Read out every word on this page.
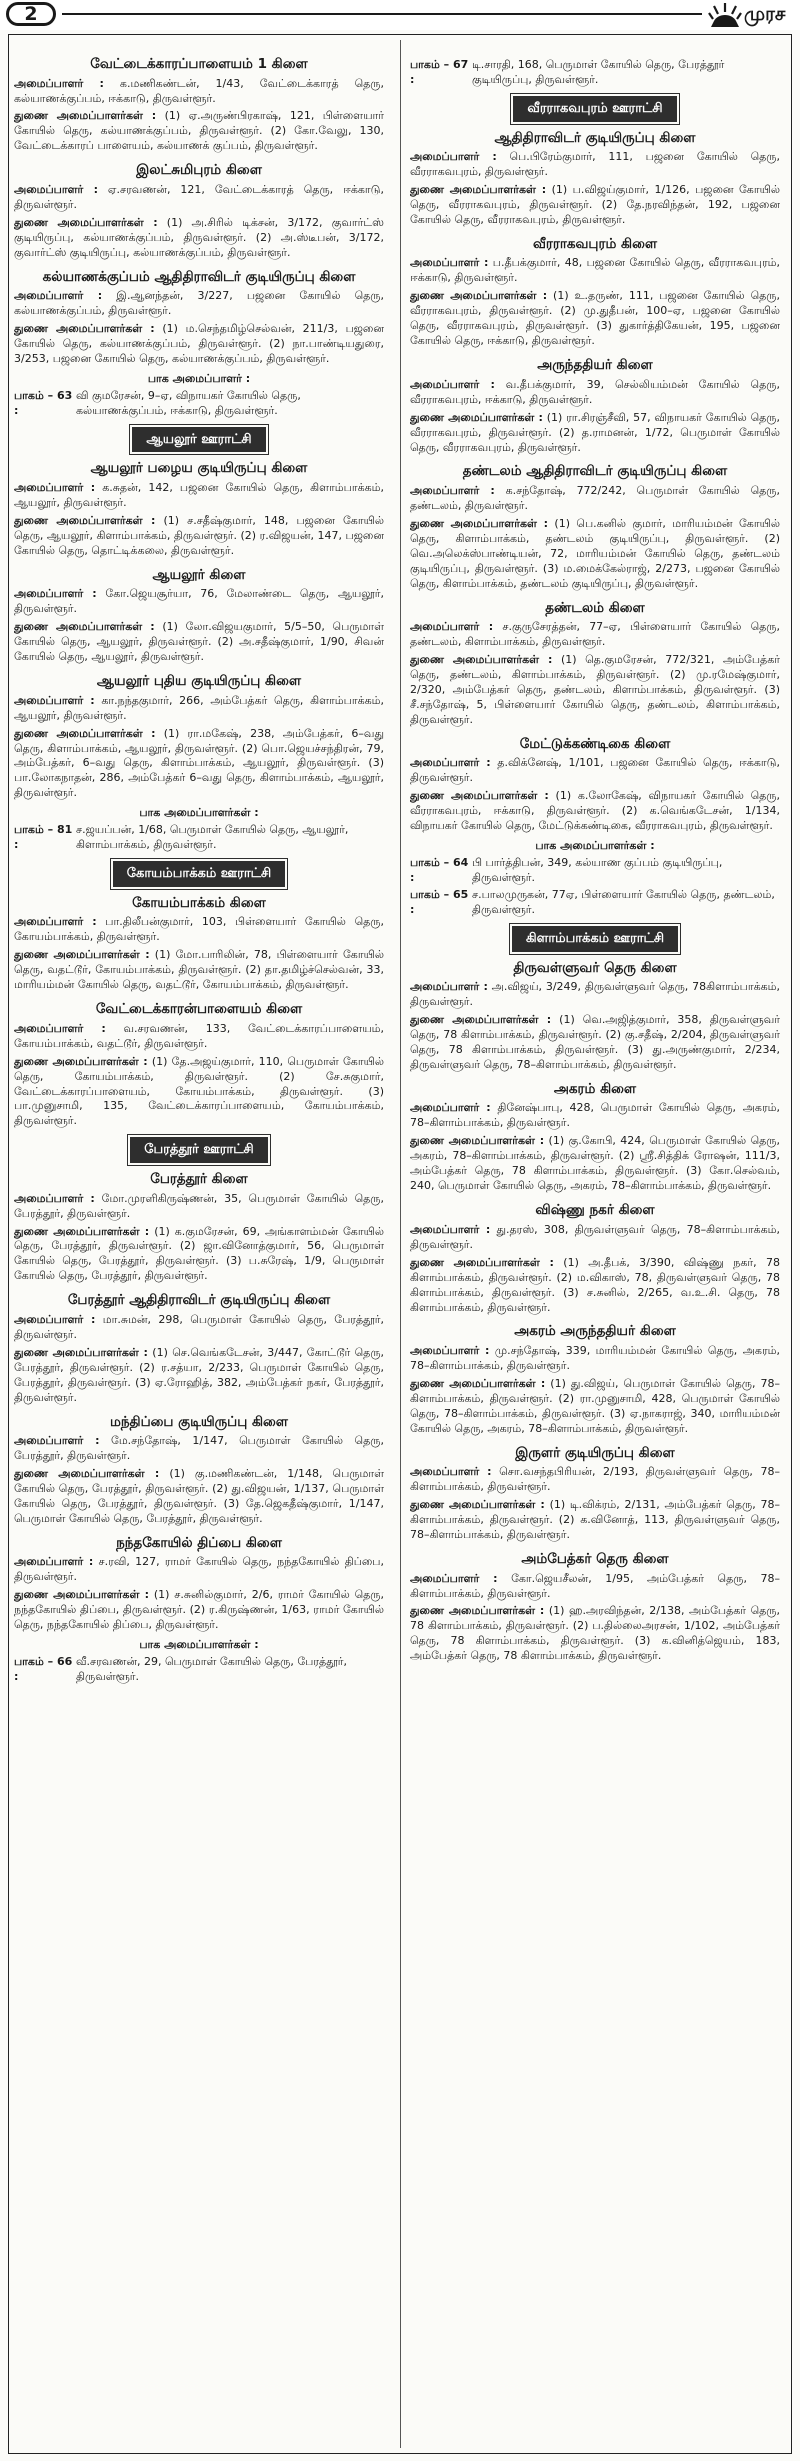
2	முரச
வேட்டைக்காரப்பாளையம் 1 கிளை
அமைப்பாளர் : க.மணிகண்டன், 1/43, வேட்டைக்காரத் தெரு, கல்யாணக்குப்பம், ஈக்காடு, திருவள்ளூர்.
துணை அமைப்பாளர்கள் : (1) ஏ.அருண்பிரகாஷ், 121, பிள்ளையார் கோயில் தெரு, கல்யாணக்குப்பம், திருவள்ளூர். (2) கோ.வேலு, 130, வேட்டைக்காரப் பாளையம், கல்யாணக் குப்பம், திருவள்ளூர்.
இலட்சுமிபுரம் கிளை
அமைப்பாளர் : ஏ.சரவணன், 121, வேட்டைக்காரத் தெரு, ஈக்காடு, திருவள்ளூர்.
துணை அமைப்பாளர்கள் : (1) அ.சிரில் டிக்சன், 3/172, குவார்ட்ஸ் குடியிருப்பு, கல்யாணக்குப்பம், திருவள்ளூர். (2) அ.ஸ்டீபன், 3/172, குவார்ட்ஸ் குடியிருப்பு, கல்யாணக்குப்பம், திருவள்ளூர்.
கல்யாணக்குப்பம் ஆதிதிராவிடர் குடியிருப்பு கிளை
அமைப்பாளர் : இ.ஆனந்தன், 3/227, பஜனை கோயில் தெரு, கல்யாணக்குப்பம், திருவள்ளூர்.
துணை அமைப்பாளர்கள் : (1) ம.செந்தமிழ்செல்வன், 211/3, பஜனை கோயில் தெரு, கல்யாணக்குப்பம், திருவள்ளூர். (2) நா.பாண்டியதுரை, 3/253, பஜனை கோயில் தெரு, கல்யாணக்குப்பம், திருவள்ளூர்.
பாக அமைப்பாளர் :
பாகம் – 63 :
வி குமரேசன், 9–ஏ, விநாயகர் கோயில் தெரு, கல்யாணக்குப்பம், ஈக்காடு, திருவள்ளூர்.
ஆயலூர் ஊராட்சி
ஆயலூர் பழைய குடியிருப்பு கிளை
அமைப்பாளர் : க.சுதன், 142, பஜனை கோயில் தெரு, கிளாம்பாக்கம், ஆயலூர், திருவள்ளூர்.
துணை அமைப்பாளர்கள் : (1) ச.சதீஷ்குமார், 148, பஜனை கோயில் தெரு, ஆயலூர், கிளாம்பாக்கம், திருவள்ளூர். (2) ர.விஜயன், 147, பஜனை கோயில் தெரு, தொட்டிக்கலை, திருவள்ளூர்.
ஆயலூர் கிளை
அமைப்பாளர் : கோ.ஜெயசூர்யா, 76, மேலாண்டை தெரு, ஆயலூர், திருவள்ளூர்.
துணை அமைப்பாளர்கள் : (1) லோ.விஜயகுமார், 5/5–50, பெருமாள் கோயில் தெரு, ஆயலூர், திருவள்ளூர். (2) அ.சதீஷ்குமார், 1/90, சிவன் கோயில் தெரு, ஆயலூர், திருவள்ளூர்.
ஆயலூர் புதிய குடியிருப்பு கிளை
அமைப்பாளர் : கா.நந்தகுமார், 266, அம்பேத்கர் தெரு, கிளாம்பாக்கம், ஆயலூர், திருவள்ளூர்.
துணை அமைப்பாளர்கள் : (1) ரா.மகேஷ், 238, அம்பேத்கர், 6–வது தெரு, கிளாம்பாக்கம், ஆயலூர், திருவள்ளூர். (2) பொ.ஜெயச்சந்திரன், 79, அம்பேத்கர், 6–வது தெரு, கிளாம்பாக்கம், ஆயலூர், திருவள்ளூர். (3) பா.லோகநாதன், 286, அம்பேத்கர் 6–வது தெரு, கிளாம்பாக்கம், ஆயலூர், திருவள்ளூர்.
பாக அமைப்பாளர்கள் :
பாகம் – 81 :
ச.ஜயப்பன், 1/68, பெருமாள் கோயில் தெரு, ஆயலூர், கிளாம்பாக்கம், திருவள்ளூர்.
கோயம்பாக்கம் ஊராட்சி
கோயம்பாக்கம் கிளை
அமைப்பாளர் : பா.திலீபன்குமார், 103, பிள்ளையார் கோயில் தெரு, கோயம்பாக்கம், திருவள்ளூர்.
துணை அமைப்பாளர்கள் : (1) மோ.பாரிலின், 78, பிள்ளையார் கோயில் தெரு, வதட்டூர், கோயம்பாக்கம், திருவள்ளூர். (2) தா.தமிழ்ச்செல்வன், 33, மாரியம்மன் கோயில் தெரு, வதட்டூர், கோயம்பாக்கம், திருவள்ளூர்.
வேட்டைக்காரன்பாளையம் கிளை
அமைப்பாளர் : வ.சரவணன், 133, வேட்டைக்காரப்பாளையம், கோயம்பாக்கம், வதட்டூர், திருவள்ளூர்.
துணை அமைப்பாளர்கள் : (1) தே.அஜய்குமார், 110, பெருமாள் கோயில் தெரு, கோயம்பாக்கம், திருவள்ளூர். (2) சே.சுகுமார், வேட்டைக்காரப்பாளையம், கோயம்பாக்கம், திருவள்ளூர். (3) பா.முனுசாமி, 135, வேட்டைக்காரப்பாளையம், கோயம்பாக்கம், திருவள்ளூர்.
பேரத்தூர் ஊராட்சி
பேரத்தூர் கிளை
அமைப்பாளர் : மோ.முரளிகிருஷ்ணன், 35, பெருமாள் கோயில் தெரு, பேரத்தூர், திருவள்ளூர்.
துணை அமைப்பாளர்கள் : (1) க.குமரேசன், 69, அங்காளம்மன் கோயில் தெரு, பேரத்தூர், திருவள்ளூர். (2) ஜா.வினோத்குமார், 56, பெருமாள் கோயில் தெரு, பேரத்தூர், திருவள்ளூர். (3) ப.சுரேஷ், 1/9, பெருமாள் கோயில் தெரு, பேரத்தூர், திருவள்ளூர்.
பேரத்தூர் ஆதிதிராவிடர் குடியிருப்பு கிளை
அமைப்பாளர் : மா.சுமன், 298, பெருமாள் கோயில் தெரு, பேரத்தூர், திருவள்ளூர்.
துணை அமைப்பாளர்கள் : (1) செ.வெங்கடேசன், 3/447, கோட்டூர் தெரு, பேரத்தூர், திருவள்ளூர். (2) ர.சத்யா, 2/233, பெருமாள் கோயில் தெரு, பேரத்தூர், திருவள்ளூர். (3) ஏ.ரோஹித், 382, அம்பேத்கர் நகர், பேரத்தூர், திருவள்ளூர்.
மந்திப்பை குடியிருப்பு கிளை
அமைப்பாளர் : மே.சந்தோஷ், 1/147, பெருமாள் கோயில் தெரு, பேரத்தூர், திருவள்ளூர்.
துணை அமைப்பாளர்கள் : (1) கு.மணிகண்டன், 1/148, பெருமாள் கோயில் தெரு, பேரத்தூர், திருவள்ளூர். (2) து.விஜயன், 1/137, பெருமாள் கோயில் தெரு, பேரத்தூர், திருவள்ளூர். (3) தே.ஜெகதீஷ்குமார், 1/147, பெருமாள் கோயில் தெரு, பேரத்தூர், திருவள்ளூர்.
நந்தகோயில் திப்பை கிளை
அமைப்பாளர் : ச.ரவி, 127, ராமர் கோயில் தெரு, நந்தகோயில் திப்பை, திருவள்ளூர்.
துணை அமைப்பாளர்கள் : (1) ச.சுனில்குமார், 2/6, ராமர் கோயில் தெரு, நந்தகோயில் திப்பை, திருவள்ளூர். (2) ர.கிருஷ்ணன், 1/63, ராமர் கோயில் தெரு, நந்தகோயில் திப்பை, திருவள்ளூர்.
பாக அமைப்பாளர்கள் :
பாகம் – 66 :
வீ.சரவணன், 29, பெருமாள் கோயில் தெரு, பேரத்தூர், திருவள்ளூர்.
பாகம் – 67 :
டி.சாரதி, 168, பெருமாள் கோயில் தெரு, பேரத்தூர் குடியிருப்பு, திருவள்ளூர்.
வீரராகவபுரம் ஊராட்சி
ஆதிதிராவிடர் குடியிருப்பு கிளை
அமைப்பாளர் : பெ.பிரேம்குமார், 111, பஜனை கோயில் தெரு, வீரராகவபுரம், திருவள்ளூர்.
துணை அமைப்பாளர்கள் : (1) ப.விஜய்குமார், 1/126, பஜனை கோயில் தெரு, வீரராகவபுரம், திருவள்ளூர். (2) தே.நரவிந்தன், 192, பஜனை கோயில் தெரு, வீரராகவபுரம், திருவள்ளூர்.
வீரராகவபுரம் கிளை
அமைப்பாளர் : ப.தீபக்குமார், 48, பஜனை கோயில் தெரு, வீரராகவபுரம், ஈக்காடு, திருவள்ளூர்.
துணை அமைப்பாளர்கள் : (1) உ.தருண், 111, பஜனை கோயில் தெரு, வீரராகவபுரம், திருவள்ளூர். (2) மு.துதீபன், 100–ஏ, பஜனை கோயில் தெரு, வீரராகவபுரம், திருவள்ளூர். (3) துகார்த்திகேயன், 195, பஜனை கோயில் தெரு, ஈக்காடு, திருவள்ளூர்.
அருந்ததியர் கிளை
அமைப்பாளர் : வ.தீபக்குமார், 39, செல்லியம்மன் கோயில் தெரு, வீரராகவபுரம், ஈக்காடு, திருவள்ளூர்.
துணை அமைப்பாளர்கள் : (1) ரா.சிரஞ்சீவி, 57, விநாயகர் கோயில் தெரு, வீரராகவபுரம், திருவள்ளூர். (2) த.ராமனன், 1/72, பெருமாள் கோயில் தெரு, வீரராகவபுரம், திருவள்ளூர்.
தண்டலம் ஆதிதிராவிடர் குடியிருப்பு கிளை
அமைப்பாளர் : க.சந்தோஷ், 772/242, பெருமாள் கோயில் தெரு, தண்டலம், திருவள்ளூர்.
துணை அமைப்பாளர்கள் : (1) பெ.கனில் குமார், மாரியம்மன் கோயில் தெரு, கிளாம்பாக்கம், தண்டலம் குடியிருப்பு, திருவள்ளூர். (2) வெ.அலெக்ஸ்பாண்டியன், 72, மாரியம்மன் கோயில் தெரு, தண்டலம் குடியிருப்பு, திருவள்ளூர். (3) ம.மைக்கேல்ராஜ், 2/273, பஜனை கோயில் தெரு, கிளாம்பாக்கம், தண்டலம் குடியிருப்பு, திருவள்ளூர்.
தண்டலம் கிளை
அமைப்பாளர் : ச.குருசேரத்தன், 77–ஏ, பிள்ளையார் கோயில் தெரு, தண்டலம், கிளாம்பாக்கம், திருவள்ளூர்.
துணை அமைப்பாளர்கள் : (1) தெ.குமரேசன், 772/321, அம்பேத்கர் தெரு, தண்டலம், கிளாம்பாக்கம், திருவள்ளூர். (2) மு.ரமேஷ்குமார், 2/320, அம்பேத்கர் தெரு, தண்டலம், கிளாம்பாக்கம், திருவள்ளூர். (3) சீ.சந்தோஷ், 5, பிள்ளையார் கோயில் தெரு, தண்டலம், கிளாம்பாக்கம், திருவள்ளூர்.
மேட்டுக்கண்டிகை கிளை
அமைப்பாளர் : த.விக்னேஷ், 1/101, பஜனை கோயில் தெரு, ஈக்காடு, திருவள்ளூர்.
துணை அமைப்பாளர்கள் : (1) க.லோகேஷ், விநாயகர் கோயில் தெரு, வீரராகவபுரம், ஈக்காடு, திருவள்ளூர். (2) க.வெங்கடேசன், 1/134, விநாயகர் கோயில் தெரு, மேட்டுக்கண்டிகை, வீரராகவபுரம், திருவள்ளூர்.
பாக அமைப்பாளர்கள் :
பாகம் – 64 :
பி பார்த்திபன், 349, கல்யாண குப்பம் குடியிருப்பு, திருவள்ளூர்.
பாகம் – 65 :
ச.பாலமுருகன், 77ஏ, பிள்ளையார் கோயில் தெரு, தண்டலம், திருவள்ளூர்.
கிளாம்பாக்கம் ஊராட்சி
திருவள்ளுவர் தெரு கிளை
அமைப்பாளர் : அ.விஜய், 3/249, திருவள்ளுவர் தெரு, 78கிளாம்பாக்கம், திருவள்ளூர்.
துணை அமைப்பாளர்கள் : (1) வெ.அஜித்குமார், 358, திருவள்ளுவர் தெரு, 78 கிளாம்பாக்கம், திருவள்ளூர். (2) கு.சதீஷ், 2/204, திருவள்ளுவர் தெரு, 78 கிளாம்பாக்கம், திருவள்ளூர். (3) து.அருண்குமார், 2/234, திருவள்ளுவர் தெரு, 78–கிளாம்பாக்கம், திருவள்ளூர்.
அகரம் கிளை
அமைப்பாளர் : தினேஷ்பாபு, 428, பெருமாள் கோயில் தெரு, அகரம், 78–கிளாம்பாக்கம், திருவள்ளூர்.
துணை அமைப்பாளர்கள் : (1) கு.கோபி, 424, பெருமாள் கோயில் தெரு, அகரம், 78–கிளாம்பாக்கம், திருவள்ளூர். (2) ஸ்ரீ.சித்திக் ரோஷன், 111/3, அம்பேத்கர் தெரு, 78 கிளாம்பாக்கம், திருவள்ளூர். (3) கோ.செல்வம், 240, பெருமாள் கோயில் தெரு, அகரம், 78–கிளாம்பாக்கம், திருவள்ளூர்.
விஷ்ணு நகர் கிளை
அமைப்பாளர் : து.தரஸ், 308, திருவள்ளுவர் தெரு, 78–கிளாம்பாக்கம், திருவள்ளூர்.
துணை அமைப்பாளர்கள் : (1) அ.தீபக், 3/390, விஷ்ணு நகர், 78 கிளாம்பாக்கம், திருவள்ளூர். (2) ம.விகாஸ், 78, திருவள்ளுவர் தெரு, 78 கிளாம்பாக்கம், திருவள்ளூர். (3) ச.சுனில், 2/265, வ.உ.சி. தெரு, 78 கிளாம்பாக்கம், திருவள்ளூர்.
அகரம் அருந்ததியர் கிளை
அமைப்பாளர் : மு.சந்தோஷ், 339, மாரியம்மன் கோயில் தெரு, அகரம், 78–கிளாம்பாக்கம், திருவள்ளூர்.
துணை அமைப்பாளர்கள் : (1) து.விஜய், பெருமாள் கோயில் தெரு, 78–கிளாம்பாக்கம், திருவள்ளூர். (2) ரா.முனுசாமி, 428, பெருமாள் கோயில் தெரு, 78–கிளாம்பாக்கம், திருவள்ளூர். (3) ஏ.நாகராஜ், 340, மாரியம்மன் கோயில் தெரு, அகரம், 78–கிளாம்பாக்கம், திருவள்ளூர்.
இருளர் குடியிருப்பு கிளை
அமைப்பாளர் : சொ.வசந்தபிரியன், 2/193, திருவள்ளுவர் தெரு, 78–கிளாம்பாக்கம், திருவள்ளூர்.
துணை அமைப்பாளர்கள் : (1) டி.விக்ரம், 2/131, அம்பேத்கர் தெரு, 78–கிளாம்பாக்கம், திருவள்ளூர். (2) க.வினோத், 113, திருவள்ளுவர் தெரு, 78–கிளாம்பாக்கம், திருவள்ளூர்.
அம்பேத்கர் தெரு கிளை
அமைப்பாளர் : கோ.ஜெயசீலன், 1/95, அம்பேத்கர் தெரு, 78–கிளாம்பாக்கம், திருவள்ளூர்.
துணை அமைப்பாளர்கள் : (1) ஹ.அரவிந்தன், 2/138, அம்பேத்கர் தெரு, 78 கிளாம்பாக்கம், திருவள்ளூர். (2) ப.தில்லைஅரசன், 1/102, அம்பேத்கர் தெரு, 78 கிளாம்பாக்கம், திருவள்ளூர். (3) க.வினித்ஜெயம், 183, அம்பேத்கர் தெரு, 78 கிளாம்பாக்கம், திருவள்ளூர்.
